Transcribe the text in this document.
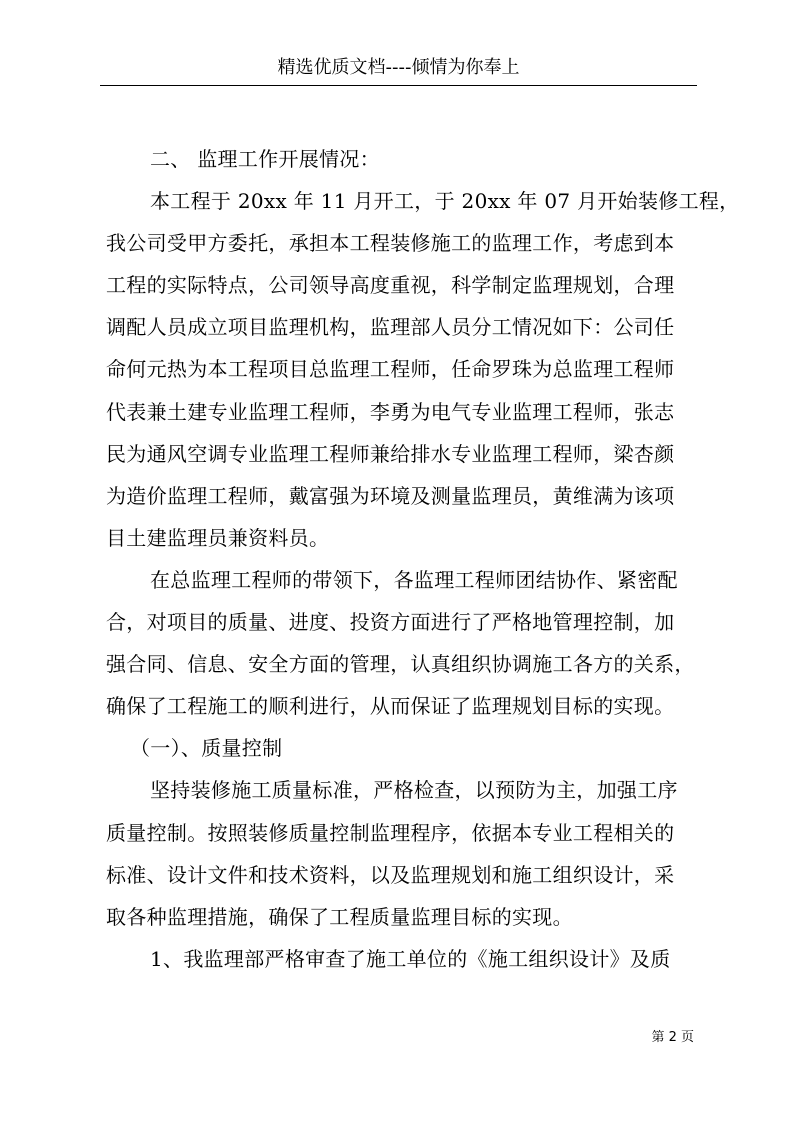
精选优质文档----倾情为你奉上
二、 监理工作开展情况：
本工程于 20xx 年 11 月开工，于 20xx 年 07 月开始装修工程，
我公司受甲方委托，承担本工程装修施工的监理工作，考虑到本
工程的实际特点，公司领导高度重视，科学制定监理规划，合理
调配人员成立项目监理机构，监理部人员分工情况如下：公司任
命何元热为本工程项目总监理工程师，任命罗珠为总监理工程师
代表兼土建专业监理工程师，李勇为电气专业监理工程师，张志
民为通风空调专业监理工程师兼给排水专业监理工程师，梁杏颜
为造价监理工程师，戴富强为环境及测量监理员，黄维满为该项
目土建监理员兼资料员。
在总监理工程师的带领下，各监理工程师团结协作、紧密配
合，对项目的质量、进度、投资方面进行了严格地管理控制，加
强合同、信息、安全方面的管理，认真组织协调施工各方的关系，
确保了工程施工的顺利进行，从而保证了监理规划目标的实现。
（一）、质量控制
坚持装修施工质量标准，严格检查，以预防为主，加强工序
质量控制。按照装修质量控制监理程序，依据本专业工程相关的
标准、设计文件和技术资料，以及监理规划和施工组织设计，采
取各种监理措施，确保了工程质量监理目标的实现。
1、我监理部严格审查了施工单位的《施工组织设计》及质
第 2 页
